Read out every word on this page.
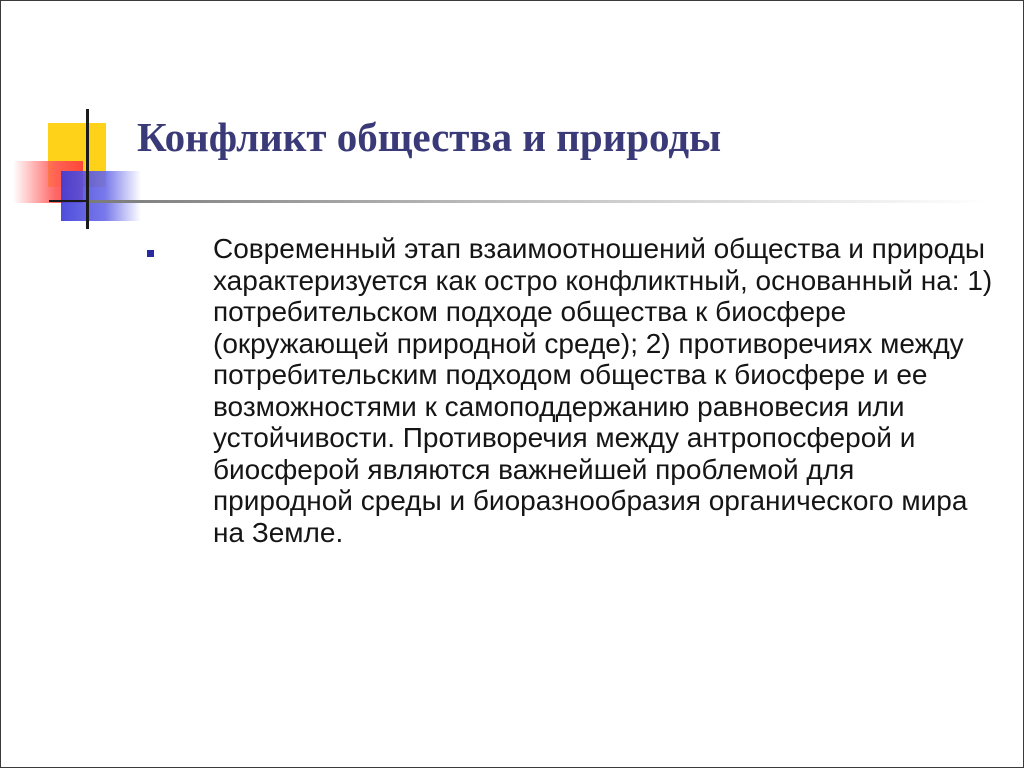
Конфликт общества и природы

Современный этап взаимоотношений общества и природы характеризуется как остро конфликтный, основанный на: 1) потребительском подходе общества к биосфере (окружающей природной среде); 2) противоречиях между потребительским подходом общества к биосфере и ее возможностями к самоподдержанию равновесия или устойчивости. Противоречия между антропосферой и биосферой являются важнейшей проблемой для природной среды и биоразнообразия органического мира на Земле.
